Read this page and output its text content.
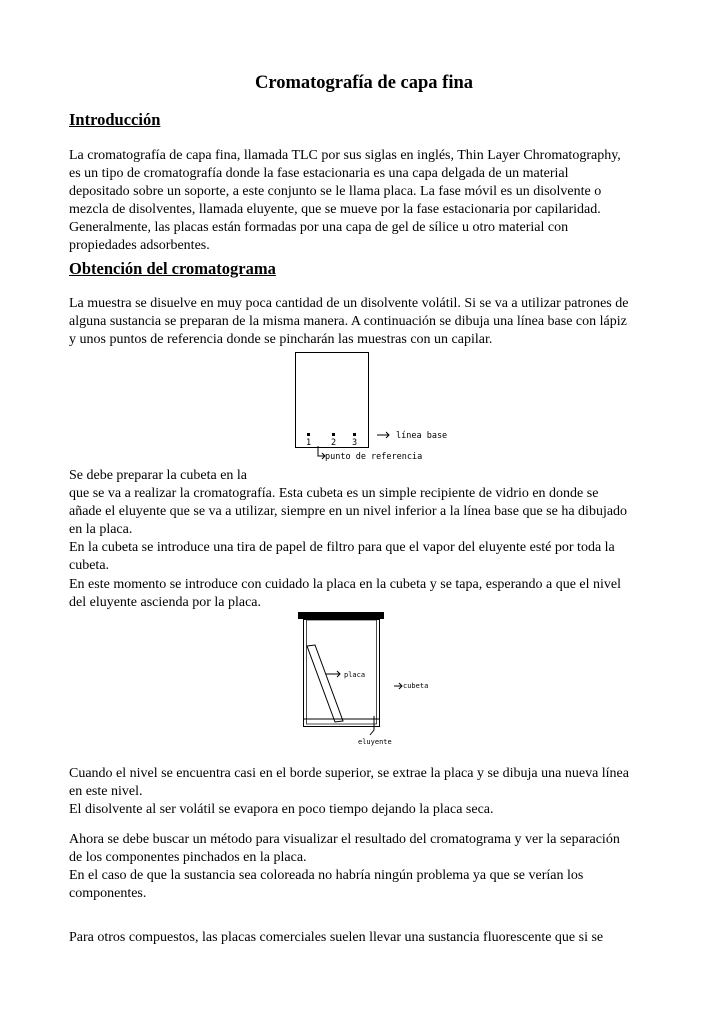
Cromatografía de capa fina
Introducción
La cromatografía de capa fina, llamada TLC por sus siglas en inglés, Thin Layer Chromatography,
es un tipo de cromatografía donde la fase estacionaria es una capa delgada de un material
depositado sobre un soporte, a este conjunto se le llama placa. La fase móvil es un disolvente o
mezcla de disolventes, llamada eluyente, que se mueve por la fase estacionaria por capilaridad.
Generalmente, las placas están formadas por una capa de gel de sílice u otro material con
propiedades adsorbentes.
Obtención del cromatograma
La muestra se disuelve en muy poca cantidad de un disolvente volátil. Si se va a utilizar patrones de
alguna sustancia se preparan de la misma manera. A continuación se dibuja una línea base con lápiz
y unos puntos de referencia donde se pincharán las muestras con un capilar.
1 2 3
línea base
punto de referencia
Se debe preparar la cubeta en la
que se va a realizar la cromatografía. Esta cubeta es un simple recipiente de vidrio en donde se
añade el eluyente que se va a utilizar, siempre en un nivel inferior a la línea base que se ha dibujado
en la placa.
En la cubeta se introduce una tira de papel de filtro para que el vapor del eluyente esté por toda la
cubeta.
En este momento se introduce con cuidado la placa en la cubeta y se tapa, esperando a que el nivel
del eluyente ascienda por la placa.
placa
cubeta
eluyente
Cuando el nivel se encuentra casi en el borde superior, se extrae la placa y se dibuja una nueva línea
en este nivel.
El disolvente al ser volátil se evapora en poco tiempo dejando la placa seca.
Ahora se debe buscar un método para visualizar el resultado del cromatograma y ver la separación
de los componentes pinchados en la placa.
En el caso de que la sustancia sea coloreada no habría ningún problema ya que se verían los
componentes.
Para otros compuestos, las placas comerciales suelen llevar una sustancia fluorescente que si se
